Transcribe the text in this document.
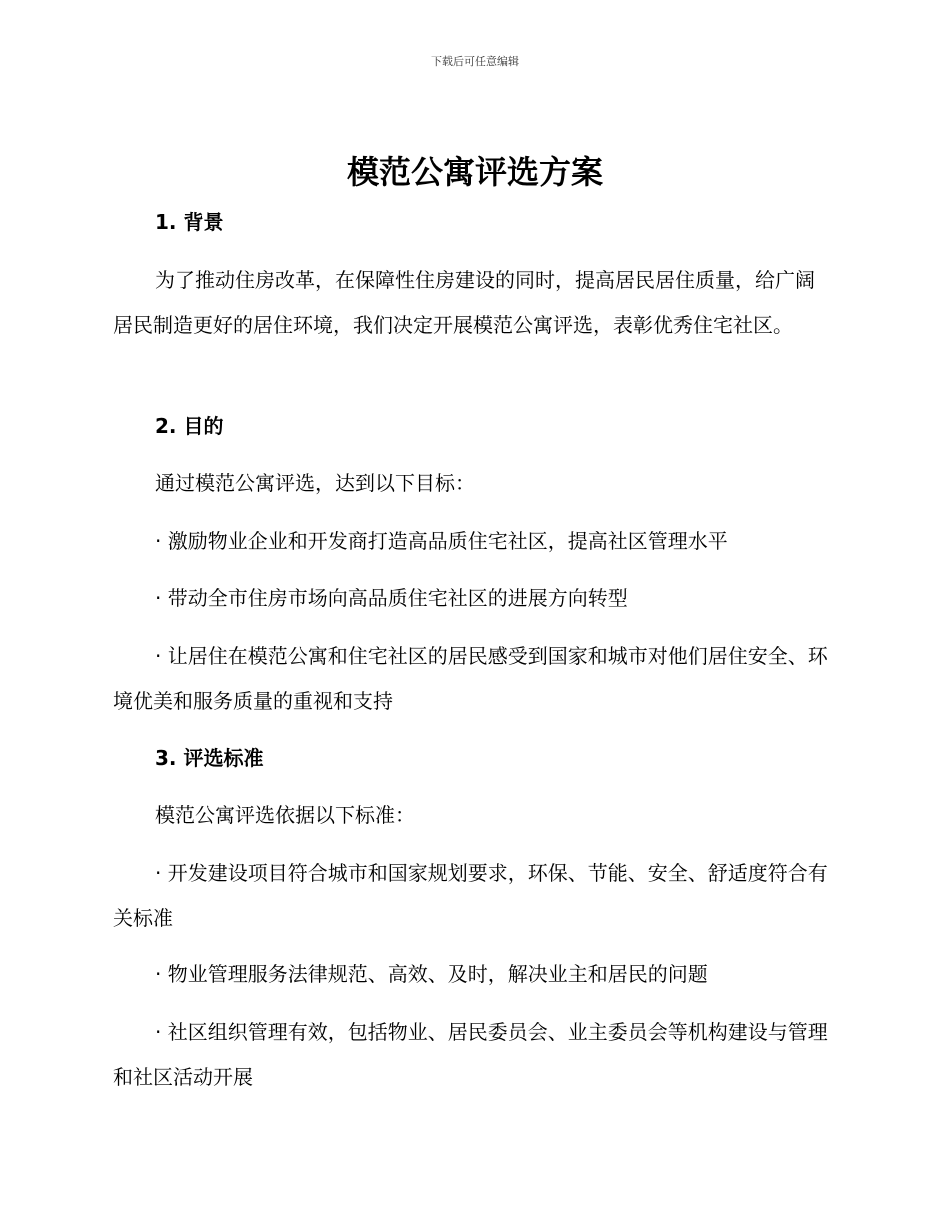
下载后可任意编辑
模范公寓评选方案
1. 背景

为了推动住房改革，在保障性住房建设的同时，提高居民居住质量，给广阔居民制造更好的居住环境，我们决定开展模范公寓评选，表彰优秀住宅社区。

2. 目的

通过模范公寓评选，达到以下目标：

· 激励物业企业和开发商打造高品质住宅社区，提高社区管理水平

· 带动全市住房市场向高品质住宅社区的进展方向转型

· 让居住在模范公寓和住宅社区的居民感受到国家和城市对他们居住安全、环境优美和服务质量的重视和支持

3. 评选标准

模范公寓评选依据以下标准：

· 开发建设项目符合城市和国家规划要求，环保、节能、安全、舒适度符合有关标准

· 物业管理服务法律规范、高效、及时，解决业主和居民的问题

· 社区组织管理有效，包括物业、居民委员会、业主委员会等机构建设与管理和社区活动开展
